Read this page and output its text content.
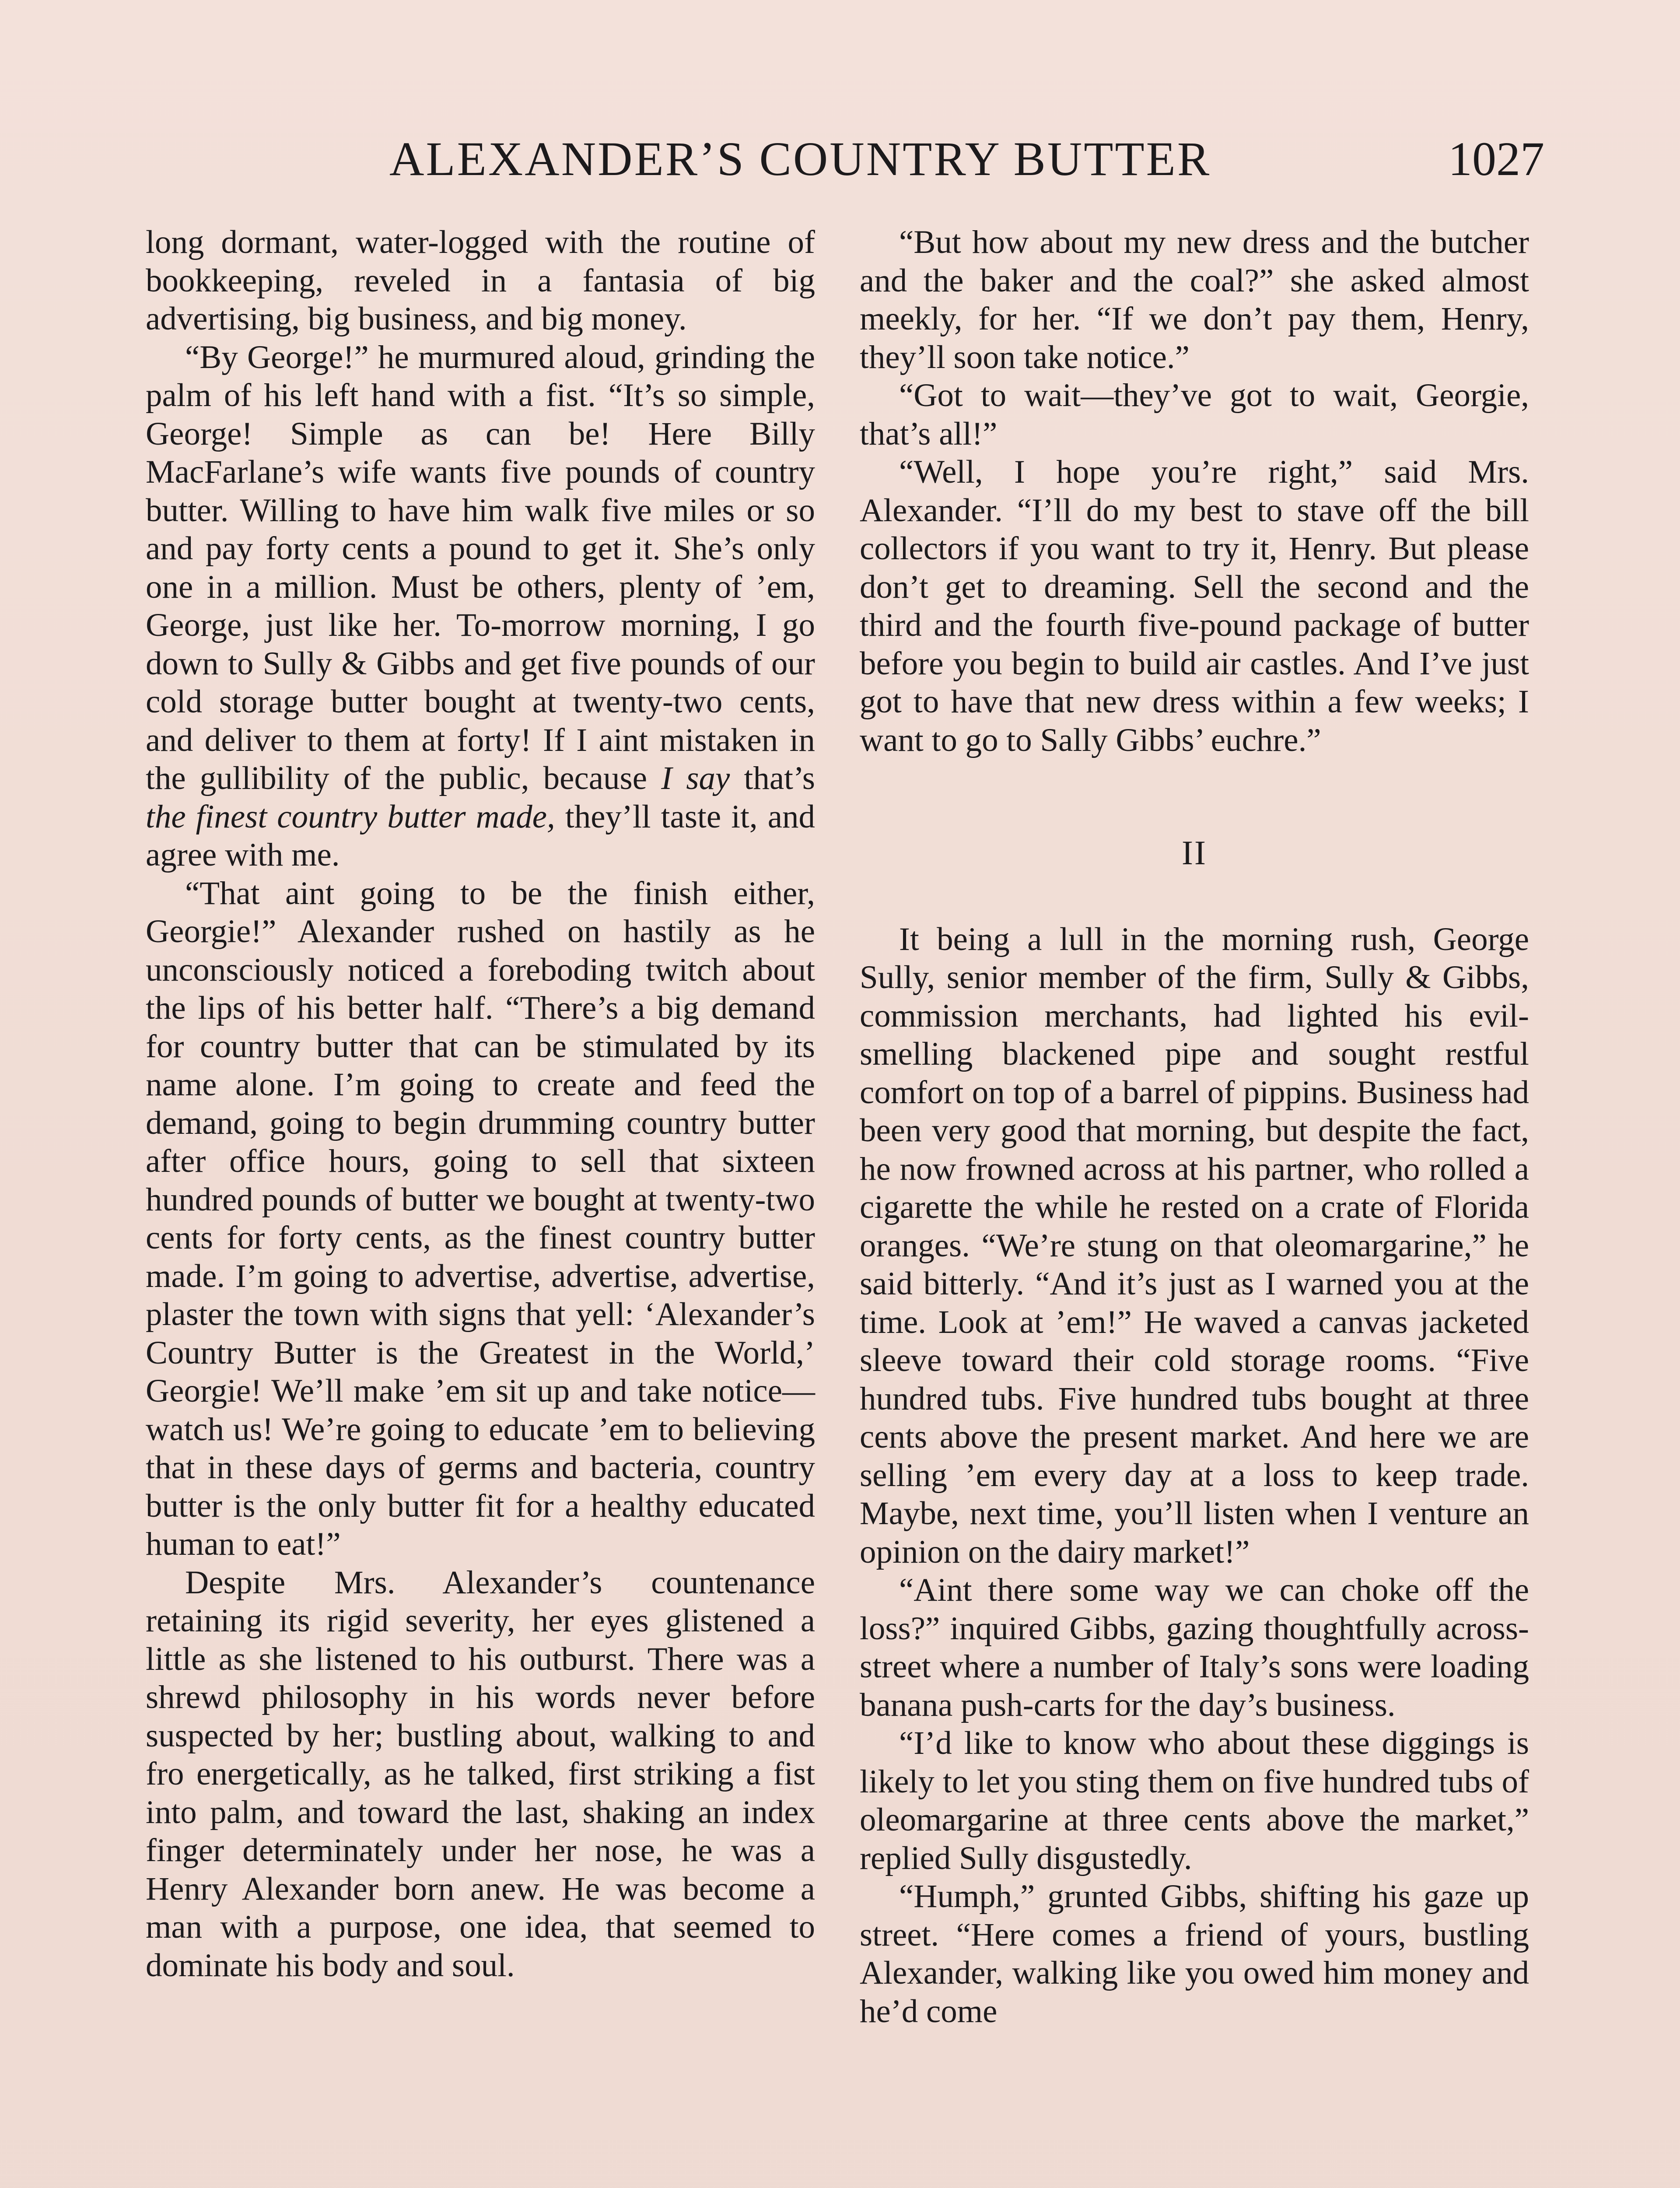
ALEXANDER’S COUNTRY BUTTER	1027

long dormant, water-logged with the routine of bookkeeping, reveled in a fantasia of big advertising, big business, and big money.

“By George!” he murmured aloud, grinding the palm of his left hand with a fist. “It’s so simple, George! Simple as can be! Here Billy MacFarlane’s wife wants five pounds of country butter. Willing to have him walk five miles or so and pay forty cents a pound to get it. She’s only one in a million. Must be others, plenty of ’em, George, just like her. To-morrow morning, I go down to Sully & Gibbs and get five pounds of our cold storage butter bought at twenty-two cents, and deliver to them at forty! If I aint mistaken in the gullibility of the public, because I say that’s the finest country butter made, they’ll taste it, and agree with me.

“That aint going to be the finish either, Georgie!” Alexander rushed on hastily as he unconsciously noticed a foreboding twitch about the lips of his better half. “There’s a big demand for country butter that can be stimulated by its name alone. I’m going to create and feed the demand, going to begin drumming country butter after office hours, going to sell that sixteen hundred pounds of butter we bought at twenty-two cents for forty cents, as the finest country butter made. I’m going to advertise, advertise, advertise, plaster the town with signs that yell: ‘Alexander’s Country Butter is the Greatest in the World,’ Georgie! We’ll make ’em sit up and take notice—watch us! We’re going to educate ’em to believing that in these days of germs and bacteria, country butter is the only butter fit for a healthy educated human to eat!”

Despite Mrs. Alexander’s countenance retaining its rigid severity, her eyes glistened a little as she listened to his outburst. There was a shrewd philosophy in his words never before suspected by her; bustling about, walking to and fro energetically, as he talked, first striking a fist into palm, and toward the last, shaking an index finger determinately under her nose, he was a Henry Alexander born anew. He was become a man with a purpose, one idea, that seemed to dominate his body and soul.

“But how about my new dress and the butcher and the baker and the coal?” she asked almost meekly, for her. “If we don’t pay them, Henry, they’ll soon take notice.”

“Got to wait—they’ve got to wait, Georgie, that’s all!”

“Well, I hope you’re right,” said Mrs. Alexander. “I’ll do my best to stave off the bill collectors if you want to try it, Henry. But please don’t get to dreaming. Sell the second and the third and the fourth five-pound package of butter before you begin to build air castles. And I’ve just got to have that new dress within a few weeks; I want to go to Sally Gibbs’ euchre.”

II

It being a lull in the morning rush, George Sully, senior member of the firm, Sully & Gibbs, commission merchants, had lighted his evil-smelling blackened pipe and sought restful comfort on top of a barrel of pippins. Business had been very good that morning, but despite the fact, he now frowned across at his partner, who rolled a cigarette the while he rested on a crate of Florida oranges. “We’re stung on that oleomargarine,” he said bitterly. “And it’s just as I warned you at the time. Look at ’em!” He waved a canvas jacketed sleeve toward their cold storage rooms. “Five hundred tubs. Five hundred tubs bought at three cents above the present market. And here we are selling ’em every day at a loss to keep trade. Maybe, next time, you’ll listen when I venture an opinion on the dairy market!”

“Aint there some way we can choke off the loss?” inquired Gibbs, gazing thoughtfully across-street where a number of Italy’s sons were loading banana push-carts for the day’s business.

“I’d like to know who about these diggings is likely to let you sting them on five hundred tubs of oleomargarine at three cents above the market,” replied Sully disgustedly.

“Humph,” grunted Gibbs, shifting his gaze up street. “Here comes a friend of yours, bustling Alexander, walking like you owed him money and he’d come
